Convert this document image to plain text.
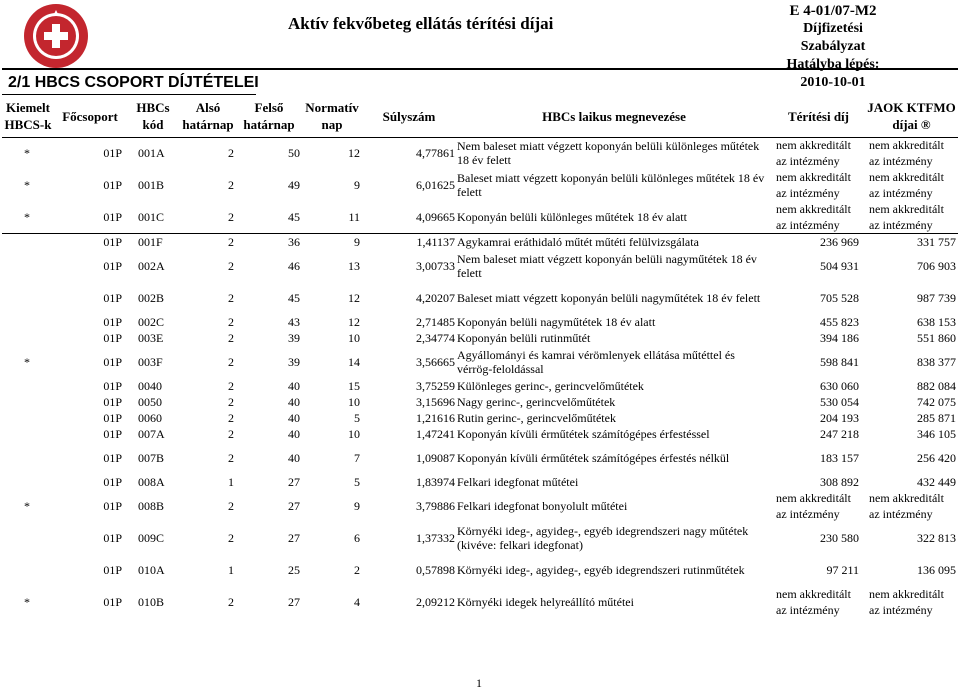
Aktív fekvőbeteg ellátás térítési díjai
E 4-01/07-M2
Díjfizetési Szabályzat
Hatályba lépés:
2010-10-01
2/1 HBCS CSOPORT DÍJTÉTELEI
Kiemelt HBCS-k	Főcsoport	HBCs kód	Alsó határnap	Felső határnap	Normatív nap	Súlyszám	HBCs laikus megnevezése	Térítési díj	JAOK KTFMO díjai ®
*	01P	001A	2	50	12	4,77861	Nem baleset miatt végzett koponyán belüli különleges műtétek 18 év felett	nem akkreditált az intézmény	nem akkreditált az intézmény
*	01P	001B	2	49	9	6,01625	Baleset miatt végzett koponyán belüli különleges műtétek 18 év felett	nem akkreditált az intézmény	nem akkreditált az intézmény
*	01P	001C	2	45	11	4,09665	Koponyán belüli különleges műtétek 18 év alatt	nem akkreditált az intézmény	nem akkreditált az intézmény
	01P	001F	2	36	9	1,41137	Agykamrai eráthidaló műtét műtéti felülvizsgálata	236 969	331 757
	01P	002A	2	46	13	3,00733	Nem baleset miatt végzett koponyán belüli nagyműtétek 18 év felett	504 931	706 903
	01P	002B	2	45	12	4,20207	Baleset miatt végzett koponyán belüli nagyműtétek 18 év felett	705 528	987 739
	01P	002C	2	43	12	2,71485	Koponyán belüli nagyműtétek 18 év alatt	455 823	638 153
	01P	003E	2	39	10	2,34774	Koponyán belüli rutinműtét	394 186	551 860
*	01P	003F	2	39	14	3,56665	Agyállományi és kamrai vérömlenyek ellátása műtéttel és vérrög-feloldással	598 841	838 377
	01P	0040	2	40	15	3,75259	Különleges gerinc-, gerincvelőműtétek	630 060	882 084
	01P	0050	2	40	10	3,15696	Nagy gerinc-, gerincvelőműtétek	530 054	742 075
	01P	0060	2	40	5	1,21616	Rutin gerinc-, gerincvelőműtétek	204 193	285 871
	01P	007A	2	40	10	1,47241	Koponyán kívüli érműtétek számítógépes érfestéssel	247 218	346 105
	01P	007B	2	40	7	1,09087	Koponyán kívüli érműtétek számítógépes érfestés nélkül	183 157	256 420
	01P	008A	1	27	5	1,83974	Felkari idegfonat műtétei	308 892	432 449
*	01P	008B	2	27	9	3,79886	Felkari idegfonat bonyolult műtétei	nem akkreditált az intézmény	nem akkreditált az intézmény
	01P	009C	2	27	6	1,37332	Környéki ideg-, agyideg-, egyéb idegrendszeri nagy műtétek (kivéve: felkari idegfonat)	230 580	322 813
	01P	010A	1	25	2	0,57898	Környéki ideg-, agyideg-, egyéb idegrendszeri rutinműtétek	97 211	136 095
*	01P	010B	2	27	4	2,09212	Környéki idegek helyreállító műtétei	nem akkreditált az intézmény	nem akkreditált az intézmény
1
